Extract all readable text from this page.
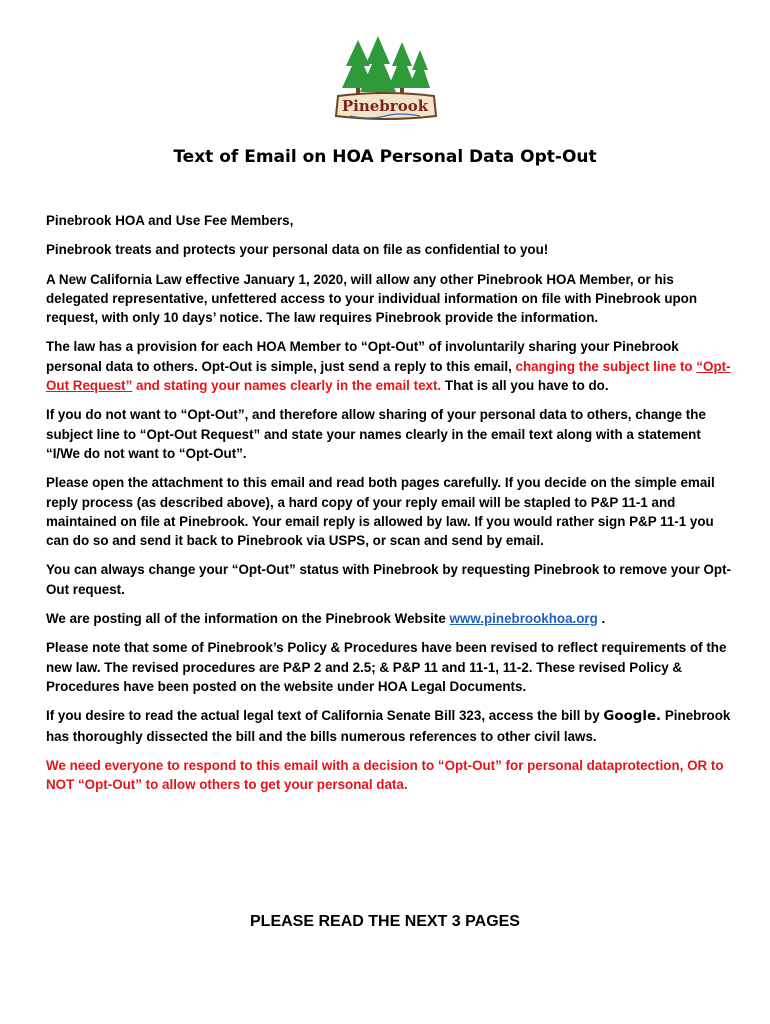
Pinebrook
Text of Email on HOA Personal Data Opt-Out

Pinebrook HOA and Use Fee Members,

Pinebrook treats and protects your personal data on file as confidential to you!

A New California Law effective January 1, 2020, will allow any other Pinebrook HOA Member, or his delegated representative, unfettered access to your individual information on file with Pinebrook upon request, with only 10 days’ notice. The law requires Pinebrook provide the information.

The law has a provision for each HOA Member to “Opt-Out” of involuntarily sharing your Pinebrook personal data to others. Opt-Out is simple, just send a reply to this email, changing the subject line to “Opt-Out Request” and stating your names clearly in the email text. That is all you have to do.

If you do not want to “Opt-Out”, and therefore allow sharing of your personal data to others, change the subject line to “Opt-Out Request” and state your names clearly in the email text along with a statement “I/We do not want to “Opt-Out”.

Please open the attachment to this email and read both pages carefully. If you decide on the simple email reply process (as described above), a hard copy of your reply email will be stapled to P&P 11-1 and maintained on file at Pinebrook. Your email reply is allowed by law. If you would rather sign P&P 11-1 you can do so and send it back to Pinebrook via USPS, or scan and send by email.

You can always change your “Opt-Out” status with Pinebrook by requesting Pinebrook to remove your Opt-Out request.

We are posting all of the information on the Pinebrook Website www.pinebrookhoa.org .

Please note that some of Pinebrook’s Policy & Procedures have been revised to reflect requirements of the new law. The revised procedures are P&P 2 and 2.5; & P&P 11 and 11-1, 11-2. These revised Policy & Procedures have been posted on the website under HOA Legal Documents.

If you desire to read the actual legal text of California Senate Bill 323, access the bill by Google. Pinebrook has thoroughly dissected the bill and the bills numerous references to other civil laws.

We need everyone to respond to this email with a decision to “Opt-Out” for personal dataprotection, OR to NOT “Opt-Out” to allow others to get your personal data.

PLEASE READ THE NEXT 3 PAGES
